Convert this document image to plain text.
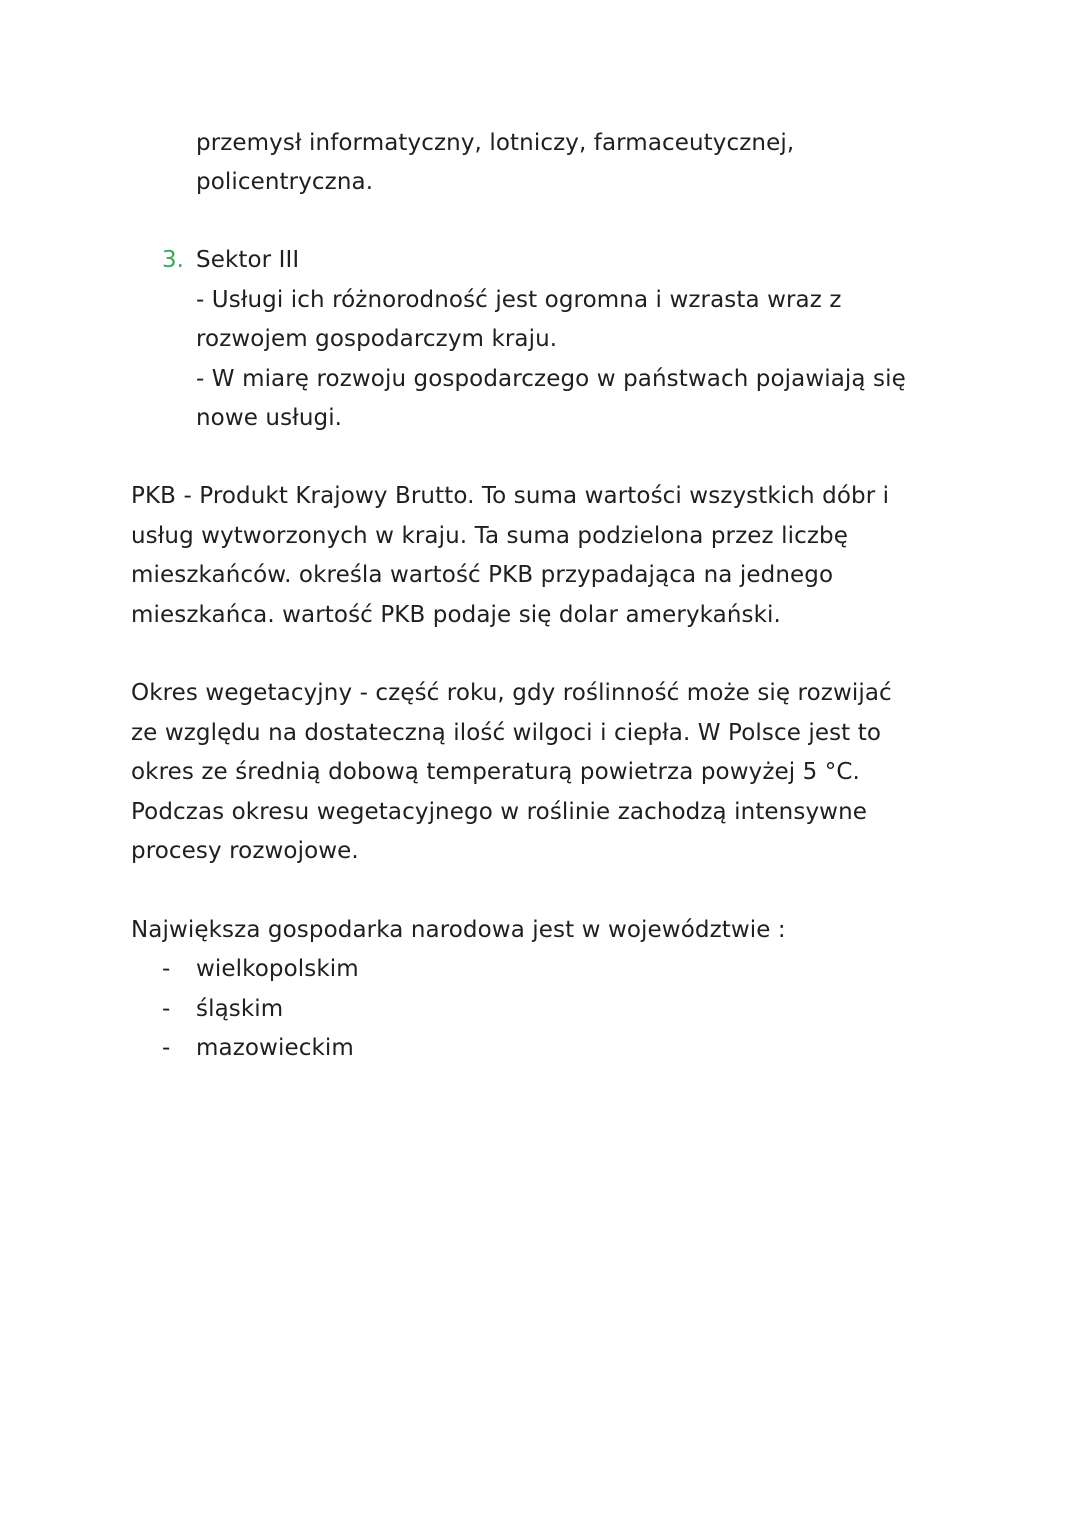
przemysł informatyczny, lotniczy, farmaceutycznej,
policentryczna.
3. Sektor III
- Usługi ich różnorodność jest ogromna i wzrasta wraz z
rozwojem gospodarczym kraju.
- W miarę rozwoju gospodarczego w państwach pojawiają się
nowe usługi.
PKB - Produkt Krajowy Brutto. To suma wartości wszystkich dóbr i
usług wytworzonych w kraju. Ta suma podzielona przez liczbę
mieszkańców. określa wartość PKB przypadająca na jednego
mieszkańca. wartość PKB podaje się dolar amerykański.
Okres wegetacyjny - część roku, gdy roślinność może się rozwijać
ze względu na dostateczną ilość wilgoci i ciepła. W Polsce jest to
okres ze średnią dobową temperaturą powietrza powyżej 5 °C.
Podczas okresu wegetacyjnego w roślinie zachodzą intensywne
procesy rozwojowe.
Największa gospodarka narodowa jest w województwie :
- wielkopolskim
- śląskim
- mazowieckim
